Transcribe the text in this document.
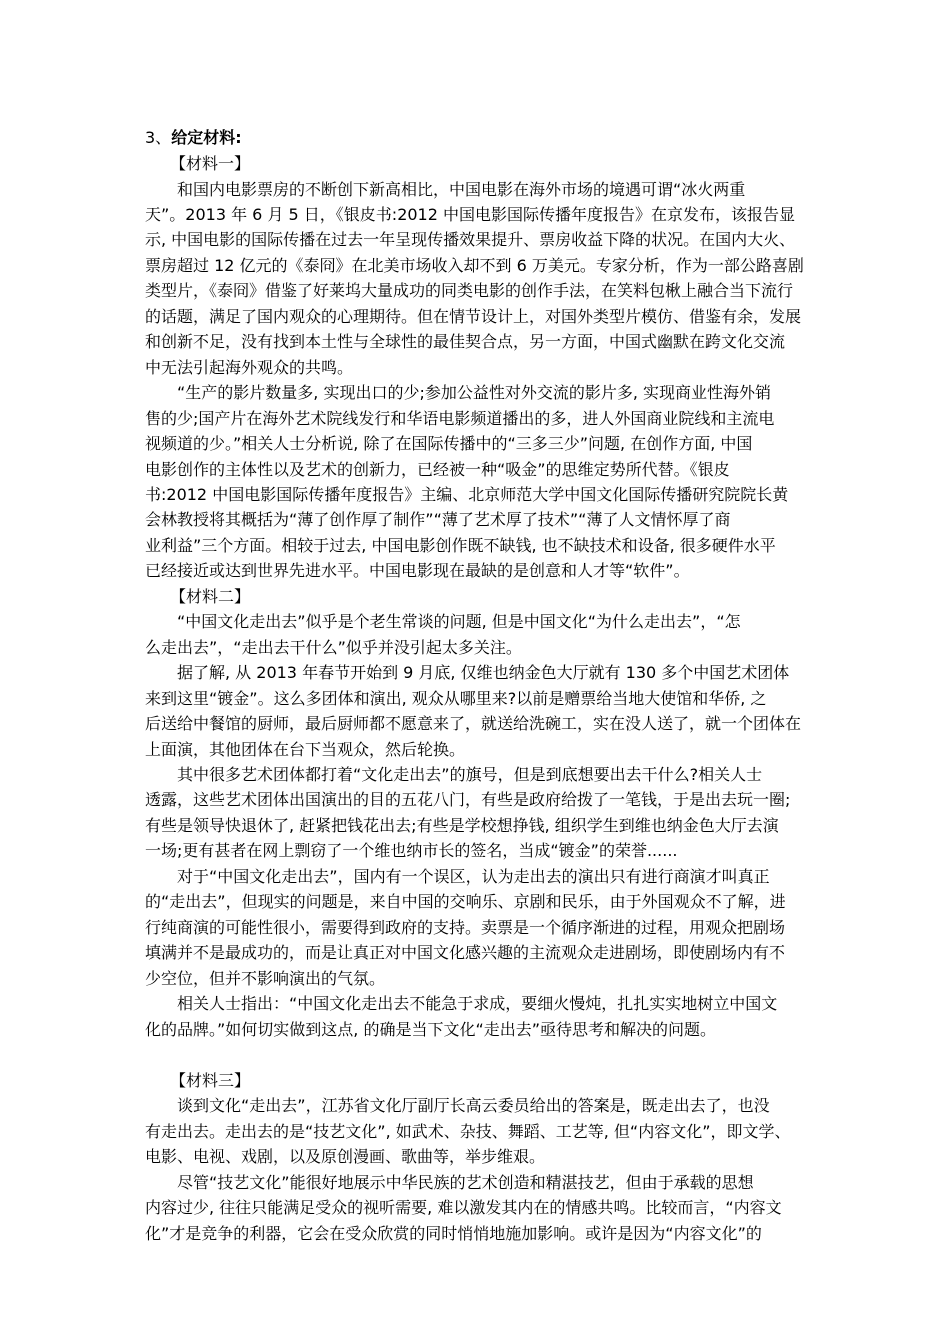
3、给定材料:
【材料一】
和国内电影票房的不断创下新高相比，中国电影在海外市场的境遇可谓“冰火两重
天”。2013 年 6 月 5 日，《银皮书:2012 中国电影国际传播年度报告》在京发布，该报告显
示, 中国电影的国际传播在过去一年呈现传播效果提升、票房收益下降的状况。在国内大火、
票房超过 12 亿元的《泰冏》在北美市场收入却不到 6 万美元。专家分析，作为一部公路喜剧
类型片，《泰冏》借鉴了好莱坞大量成功的同类电影的创作手法，在笑料包楸上融合当下流行
的话题，满足了国内观众的心理期待。但在情节设计上，对国外类型片模仿、借鉴有余，发展
和创新不足，没有找到本土性与全球性的最佳契合点，另一方面，中国式幽默在跨文化交流
中无法引起海外观众的共鸣。
“生产的影片数量多, 实现出口的少;参加公益性对外交流的影片多, 实现商业性海外销
售的少;国产片在海外艺术院线发行和华语电影频道播出的多，进人外国商业院线和主流电
视频道的少。”相关人士分析说, 除了在国际传播中的“三多三少”问题, 在创作方面, 中国
电影创作的主体性以及艺术的创新力，已经被一种“吸金”的思维定势所代替。《银皮
书:2012 中国电影国际传播年度报告》主编、北京师范大学中国文化国际传播研究院院长黄
会林教授将其概括为“薄了创作厚了制作”“薄了艺术厚了技术”“薄了人文情怀厚了商
业利益”三个方面。相较于过去, 中国电影创作既不缺钱, 也不缺技术和设备, 很多硬件水平
已经接近或达到世界先进水平。中国电影现在最缺的是创意和人才等“软件”。
【材料二】
“中国文化走出去”似乎是个老生常谈的问题, 但是中国文化“为什么走出去”，“怎
么走出去”，“走出去干什么”似乎并没引起太多关注。
据了解, 从 2013 年春节开始到 9 月底, 仅维也纳金色大厅就有 130 多个中国艺术团体
来到这里“镀金”。这么多团体和演出, 观众从哪里来?以前是赠票给当地大使馆和华侨, 之
后送给中餐馆的厨师，最后厨师都不愿意来了，就送给洗碗工，实在没人送了，就一个团体在
上面演，其他团体在台下当观众，然后轮换。
其中很多艺术团体都打着“文化走出去”的旗号，但是到底想要出去干什么?相关人士
透露，这些艺术团体出国演出的目的五花八门，有些是政府给拨了一笔钱，于是出去玩一圈;
有些是领导快退休了, 赶紧把钱花出去;有些是学校想挣钱, 组织学生到维也纳金色大厅去演
一场;更有甚者在网上剽窃了一个维也纳市长的签名，当成“镀金”的荣誉......
对于“中国文化走出去”，国内有一个误区，认为走出去的演出只有进行商演才叫真正
的“走出去”，但现实的问题是，来自中国的交响乐、京剧和民乐，由于外国观众不了解，进
行纯商演的可能性很小，需要得到政府的支持。卖票是一个循序渐进的过程，用观众把剧场
填满并不是最成功的，而是让真正对中国文化感兴趣的主流观众走进剧场，即使剧场内有不
少空位，但并不影响演出的气氛。
相关人士指出：“中国文化走出去不能急于求成，要细火慢炖，扎扎实实地树立中国文
化的品牌。”如何切实做到这点, 的确是当下文化“走出去”亟待思考和解决的问题。
【材料三】
谈到文化“走出去”，江苏省文化厅副厅长高云委员给出的答案是，既走出去了，也没
有走出去。走出去的是“技艺文化”, 如武术、杂技、舞蹈、工艺等, 但“内容文化”，即文学、
电影、电视、戏剧，以及原创漫画、歌曲等，举步维艰。
尽管“技艺文化”能很好地展示中华民族的艺术创造和精湛技艺，但由于承载的思想
内容过少, 往往只能满足受众的视听需要, 难以激发其内在的情感共鸣。比较而言，“内容文
化”才是竞争的利器，它会在受众欣赏的同时悄悄地施加影响。或许是因为“内容文化”的
